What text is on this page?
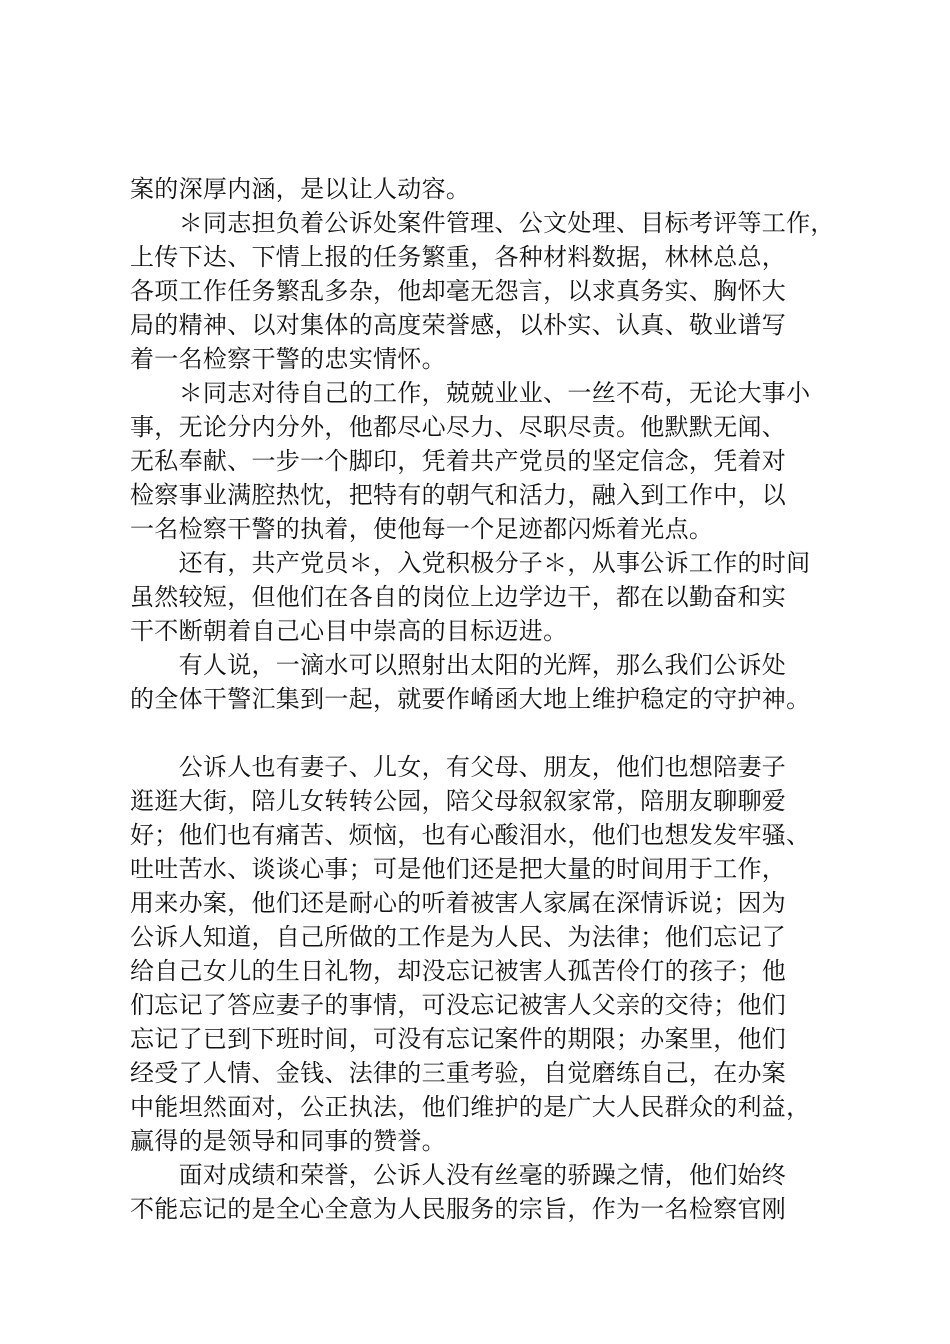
案的深厚内涵，是以让人动容。
　　＊同志担负着公诉处案件管理、公文处理、目标考评等工作，
上传下达、下情上报的任务繁重，各种材料数据，林林总总，
各项工作任务繁乱多杂，他却毫无怨言，以求真务实、胸怀大
局的精神、以对集体的高度荣誉感，以朴实、认真、敬业谱写
着一名检察干警的忠实情怀。
　　＊同志对待自己的工作，兢兢业业、一丝不苟，无论大事小
事，无论分内分外，他都尽心尽力、尽职尽责。他默默无闻、
无私奉献、一步一个脚印，凭着共产党员的坚定信念，凭着对
检察事业满腔热忱，把特有的朝气和活力，融入到工作中，以
一名检察干警的执着，使他每一个足迹都闪烁着光点。
　　还有，共产党员＊，入党积极分子＊，从事公诉工作的时间
虽然较短，但他们在各自的岗位上边学边干，都在以勤奋和实
干不断朝着自己心目中崇高的目标迈进。
　　有人说，一滴水可以照射出太阳的光辉，那么我们公诉处
的全体干警汇集到一起，就要作崤函大地上维护稳定的守护神。
　　公诉人也有妻子、儿女，有父母、朋友，他们也想陪妻子
逛逛大街，陪儿女转转公园，陪父母叙叙家常，陪朋友聊聊爱
好；他们也有痛苦、烦恼，也有心酸泪水，他们也想发发牢骚、
吐吐苦水、谈谈心事；可是他们还是把大量的时间用于工作，
用来办案，他们还是耐心的听着被害人家属在深情诉说；因为
公诉人知道，自己所做的工作是为人民、为法律；他们忘记了
给自己女儿的生日礼物，却没忘记被害人孤苦伶仃的孩子；他
们忘记了答应妻子的事情，可没忘记被害人父亲的交待；他们
忘记了已到下班时间，可没有忘记案件的期限；办案里，他们
经受了人情、金钱、法律的三重考验，自觉磨练自己，在办案
中能坦然面对，公正执法，他们维护的是广大人民群众的利益，
赢得的是领导和同事的赞誉。
　　面对成绩和荣誉，公诉人没有丝毫的骄躁之情，他们始终
不能忘记的是全心全意为人民服务的宗旨，作为一名检察官刚
